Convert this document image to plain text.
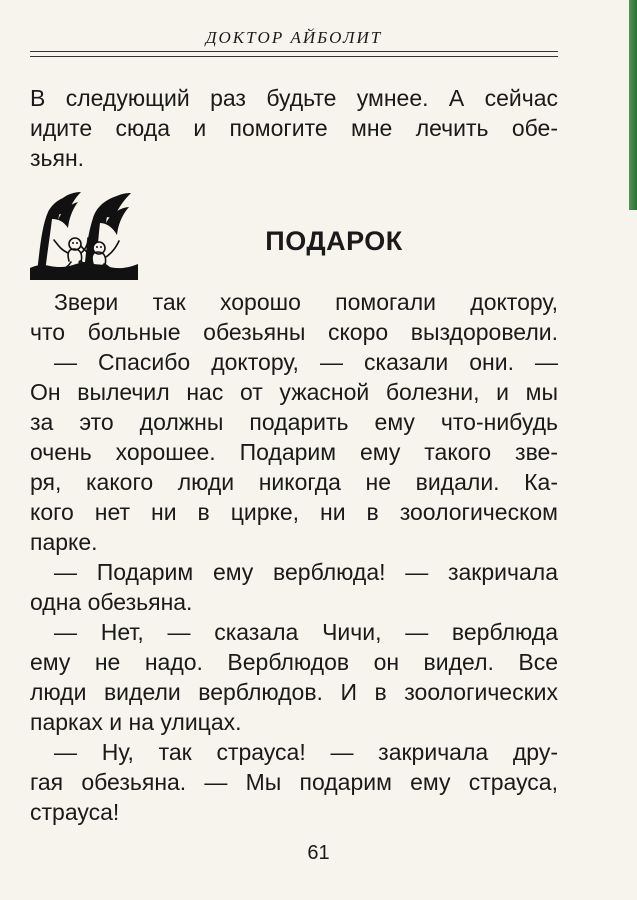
ДОКТОР АЙБОЛИТ
В следующий раз будьте умнее. А сейчас
идите сюда и помогите мне лечить обе-
зьян.
ПОДАРОК
Звери так хорошо помогали доктору,
что больные обезьяны скоро выздоровели.
— Спасибо доктору, — сказали они. —
Он вылечил нас от ужасной болезни, и мы
за это должны подарить ему что-нибудь
очень хорошее. Подарим ему такого зве-
ря, какого люди никогда не видали. Ка-
кого нет ни в цирке, ни в зоологическом
парке.
— Подарим ему верблюда! — закричала
одна обезьяна.
— Нет, — сказала Чичи, — верблюда
ему не надо. Верблюдов он видел. Все
люди видели верблюдов. И в зоологических
парках и на улицах.
— Ну, так страуса! — закричала дру-
гая обезьяна. — Мы подарим ему страуса,
страуса!
61
